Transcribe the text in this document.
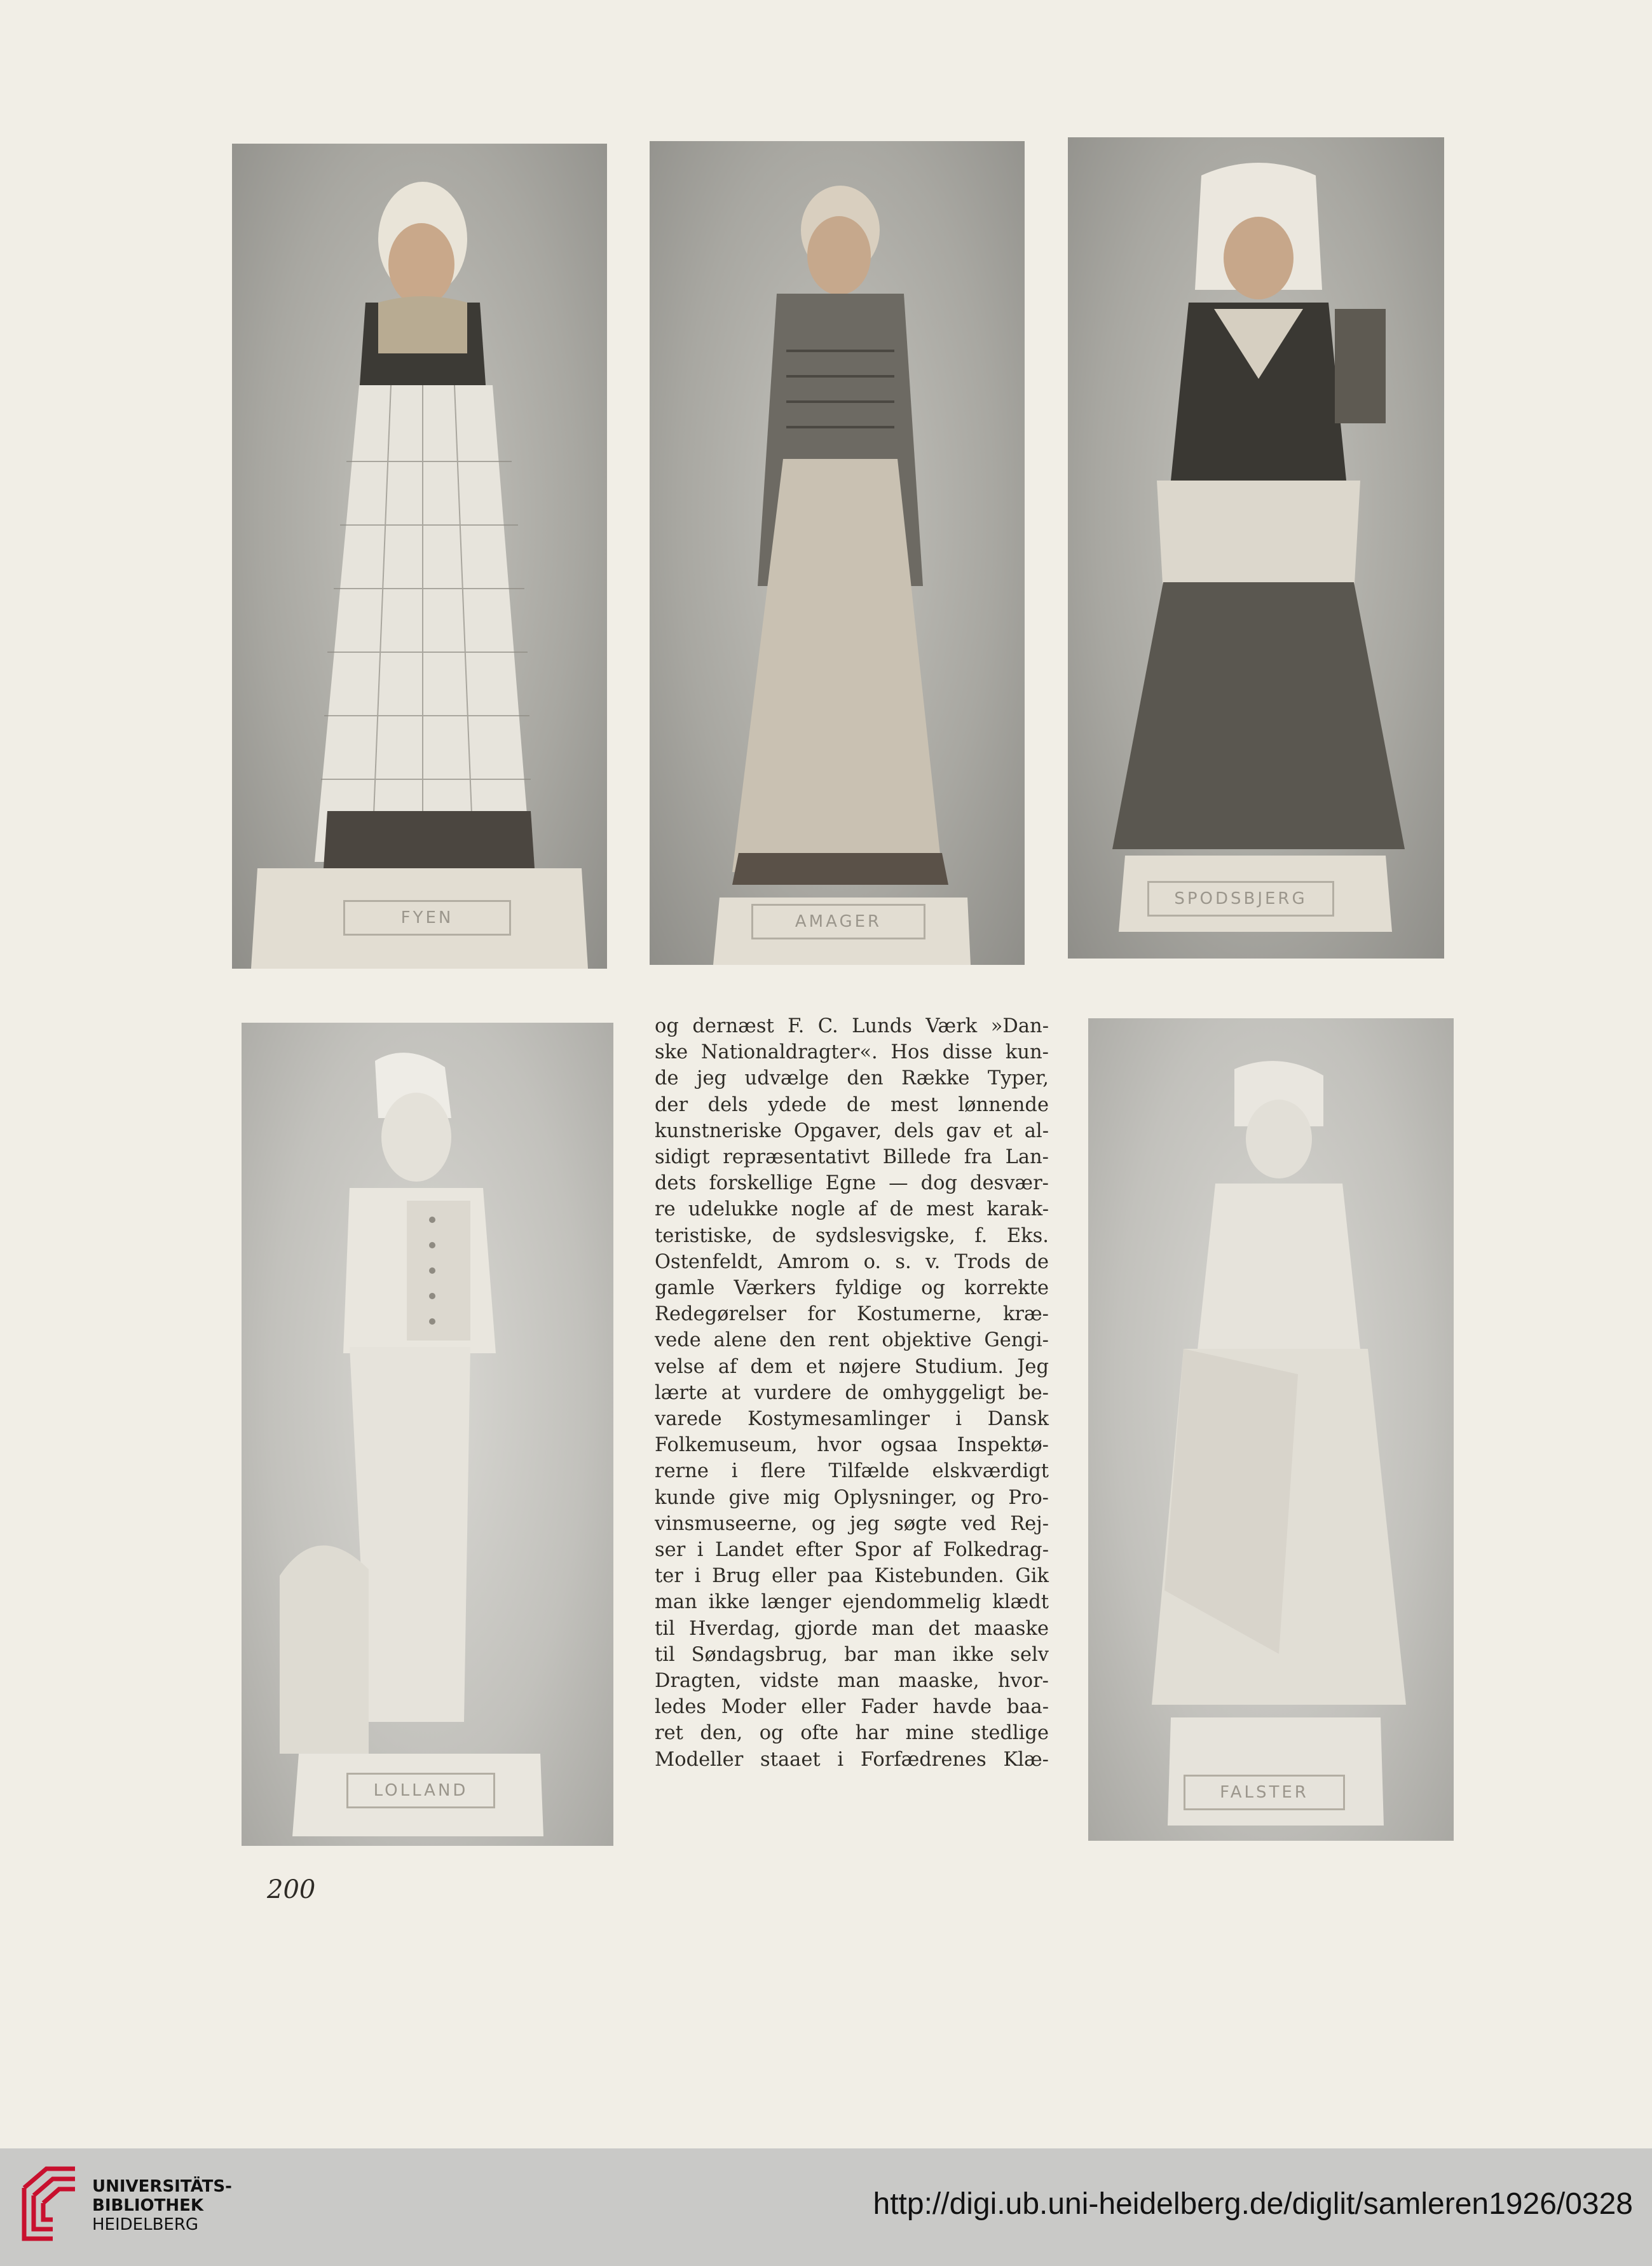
FYEN	AMAGER
SPODSBJERG
LOLLAND	FALSTER
og dernæst F. C. Lunds Værk »Dan-
ske Nationaldragter«. Hos disse kun-
de jeg udvælge den Række Typer,
der dels ydede de mest lønnende
kunstneriske Opgaver, dels gav et al-
sidigt repræsentativt Billede fra Lan-
dets forskellige Egne — dog desvær-
re udelukke nogle af de mest karak-
teristiske, de sydslesvigske, f. Eks.
Ostenfeldt, Amrom o. s. v. Trods de
gamle Værkers fyldige og korrekte
Redegørelser for Kostumerne, kræ-
vede alene den rent objektive Gengi-
velse af dem et nøjere Studium. Jeg
lærte at vurdere de omhyggeligt be-
varede Kostymesamlinger i Dansk
Folkemuseum, hvor ogsaa Inspektø-
rerne i flere Tilfælde elskværdigt
kunde give mig Oplysninger, og Pro-
vinsmuseerne, og jeg søgte ved Rej-
ser i Landet efter Spor af Folkedrag-
ter i Brug eller paa Kistebunden. Gik
man ikke længer ejendommelig klædt
til Hverdag, gjorde man det maaske
til Søndagsbrug, bar man ikke selv
Dragten, vidste man maaske, hvor-
ledes Moder eller Fader havde baa-
ret den, og ofte har mine stedlige
Modeller staaet i Forfædrenes Klæ-
200
UNIVERSITÄTS-
BIBLIOTHEK
HEIDELBERG
http://digi.ub.uni-heidelberg.de/diglit/samleren1926/0328
